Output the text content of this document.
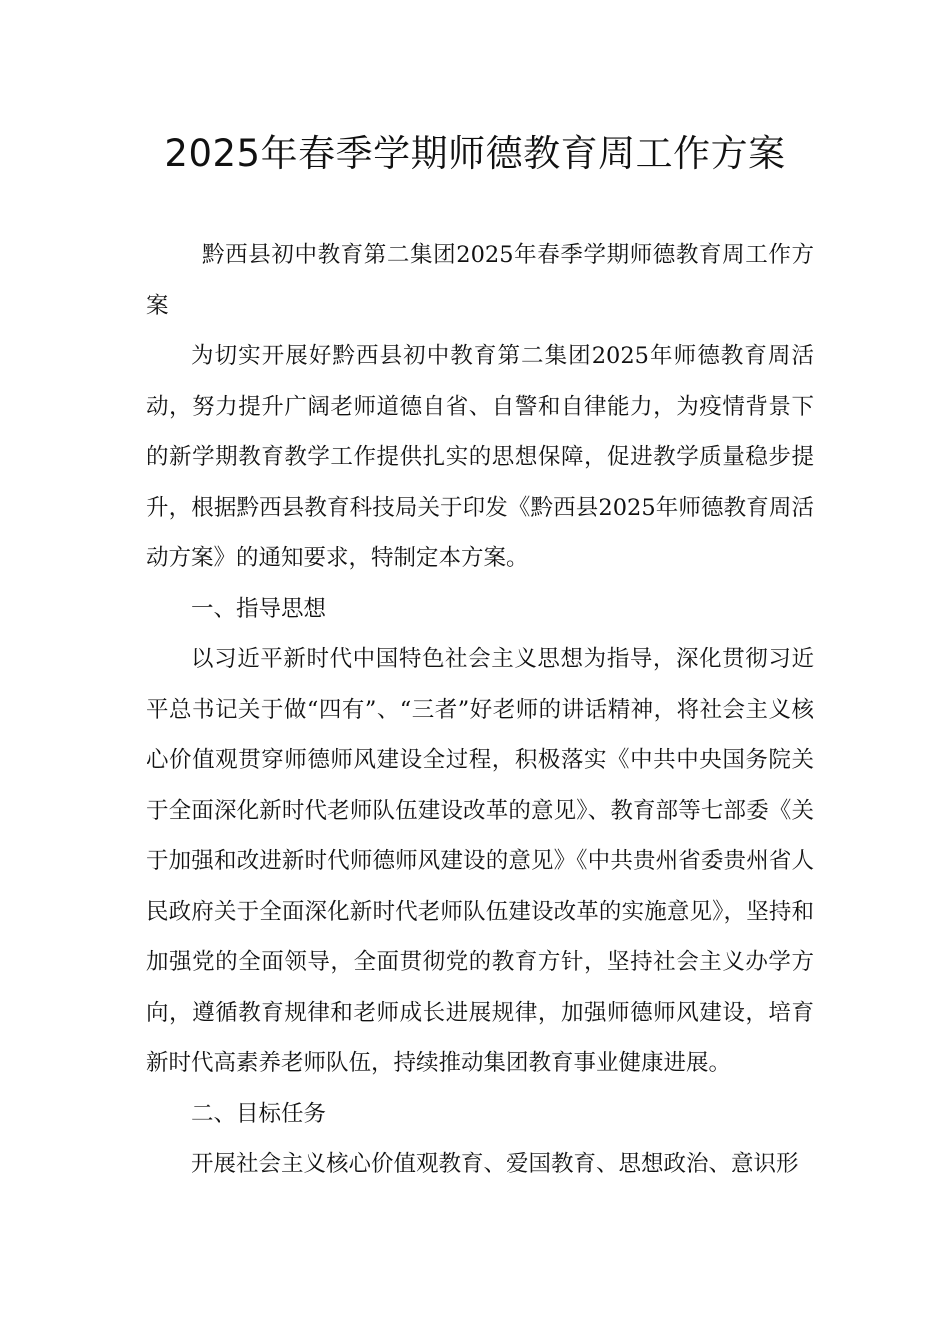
2025年春季学期师德教育周工作方案

黔西县初中教育第二集团2025年春季学期师德教育周工作方案

为切实开展好黔西县初中教育第二集团2025年师德教育周活动，努力提升广阔老师道德自省、自警和自律能力，为疫情背景下的新学期教育教学工作提供扎实的思想保障，促进教学质量稳步提升，根据黔西县教育科技局关于印发《黔西县2025年师德教育周活动方案》的通知要求，特制定本方案。

一、指导思想

以习近平新时代中国特色社会主义思想为指导，深化贯彻习近平总书记关于做“四有”、“三者”好老师的讲话精神，将社会主义核心价值观贯穿师德师风建设全过程，积极落实《中共中央国务院关于全面深化新时代老师队伍建设改革的意见》、教育部等七部委《关于加强和改进新时代师德师风建设的意见》《中共贵州省委贵州省人民政府关于全面深化新时代老师队伍建设改革的实施意见》，坚持和加强党的全面领导，全面贯彻党的教育方针，坚持社会主义办学方向，遵循教育规律和老师成长进展规律，加强师德师风建设，培育新时代高素养老师队伍，持续推动集团教育事业健康进展。

二、目标任务

开展社会主义核心价值观教育、爱国教育、思想政治、意识形
